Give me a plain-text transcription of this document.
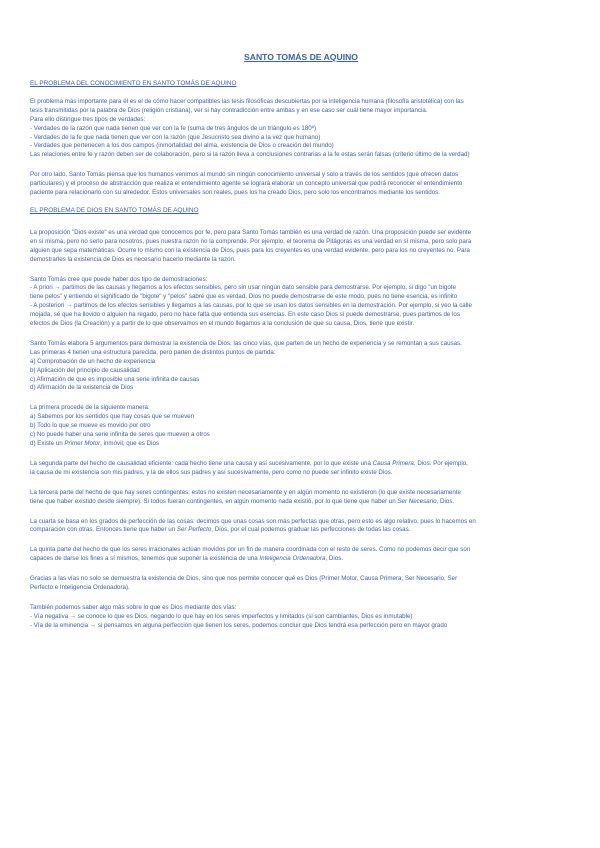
SANTO TOMÁS DE AQUINO
EL PROBLEMA DEL CONOCIMIENTO EN SANTO TOMÁS DE AQUINO

El problema más importante para él es el de cómo hacer compatibles las tesis filosóficas descubiertas por la inteligencia humana (filosofía aristotélica) con las
tesis transmitidas por la palabra de Dios (religión cristiana), ver si hay contradicción entre ambas y en ese caso ser cuál tiene mayor importancia.
Para ello distingue tres tipos de verdades:
- Verdades de la razón que nada tienen que ver con la fe (suma de tres ángulos de un triángulo es 180º)
- Verdades de la fe que nada tienen que ver con la razón (que Jesucristo sea divino a la vez que humano)
- Verdades que pertenecen a los dos campos (inmortalidad del alma, existencia de Dios o creación del mundo)
Las relaciones entre fe y razón deben ser de colaboración, pero si la razón lleva a conclusiones contrarias a la fe estas serán falsas (criterio último de la verdad)

Por otro lado, Santo Tomás piensa que los humanos venimos al mundo sin ningún conocimiento universal y solo a través de los sentidos (que ofrecen datos
particulares) y el proceso de abstracción que realiza el entendimiento agente se logrará elaborar un concepto universal que podrá reconocer el entendimiento
paciente para relacionarlo con su alrededor. Estos universales son reales, pues los ha creado Dios, pero solo los encontramos mediante los sentidos.

EL PROBLEMA DE DIOS EN SANTO TOMÁS DE AQUINO

La proposición "Dios existe" es una verdad que conocemos por fe, pero para Santo Tomás también es una verdad de razón. Una proposición puede ser evidente
en sí misma, pero no serlo para nosotros, pues nuestra razón no la comprende. Por ejemplo, el teorema de Pitágoras es una verdad en sí misma, pero solo para
alguien que sepa matemáticas. Ocurre lo mismo con la existencia de Dios, pues para los creyentes es una verdad evidente, pero para los no creyentes no. Para
demostrarles la existencia de Dios es necesario hacerlo mediante la razón.

Santo Tomás cree que puede haber dos tipo de demostraciones:
- A priori → partimos de las causas y llegamos a los efectos sensibles, pero sin usar ningún dato sensible para demostrarse. Por ejemplo, si digo "un bigote
tiene pelos" y entiendo el significado de "bigote" y "pelos" sabré que es verdad. Dios no puede demostrarse de este modo, pues no tiene esencia, es infinito
- A posteriori → partimos de los efectos sensibles y llegamos a las causas, por lo que se usan los datos sensibles en la demostración. Por ejemplo, si veo la calle
mojada, sé que ha llovido o alguien ha regado, pero no hace falta que entienda sus esencias. En este caso Dios sí puede demostrarse, pues partimos de los
efectos de Dios (la Creación) y a partir de lo que observamos en el mundo llegamos a la conclusión de que su causa, Dios, tiene que existir.

Santo Tomás elabora 5 argumentos para demostrar la existencia de Dios, las cinco vías, que parten de un hecho de experiencia y se remontan a sus causas.
Las primeras 4 tienen una estructura parecida, pero parten de distintos puntos de partida:
a) Comprobación de un hecho de experiencia
b) Aplicación del principio de causalidad
c) Afirmación de que es imposible una serie infinita de causas
d) Afirmación de la existencia de Dios

La primera procede de la siguiente manera:
a) Sabemos por los sentidos que hay cosas que se mueven
b) Todo lo que se mueve es movido por otro
c) No puede haber una serie infinita de seres que mueven a otros
d) Existe un Primer Motor, inmóvil, que es Dios

La segunda parte del hecho de causalidad eficiente: cada hecho tiene una causa y así sucesivamente, por lo que existe una Causa Primera, Dios. Por ejemplo,
la causa de mi existencia son mis padres, y la de ellos sus padres y así sucesivamente, pero como no puede ser infinito existe Dios.

La tercera parte del hecho de que hay seres contingentes: estos no existen necesariamente y en algún momento no existieron (lo que existe necesariamente
tiene que haber existido desde siempre). Si todos fueran contingentes, en algún momento nada existió, por lo que tiene que haber un Ser Necesario, Dios.

La cuarta se basa en los grados de perfección de las cosas: decimos que unas cosas son más perfectas que otras, pero esto es algo relativo, pues lo hacemos en
comparación con otras. Entonces tiene que haber un Ser Perfecto, Dios, por el cual podemos graduar las perfecciones de todas las cosas.

La quinta parte del hecho de que los seres irracionales actúan movidos por un fin de manera coordinada con el resto de seres. Como no podemos decir que son
capaces de darse los fines a sí mismos, tenemos que suponer la existencia de una Inteligencia Ordenadora, Dios.

Gracias a las vías no solo se demuestra la existencia de Dios, sino que nos permite conocer qué es Dios (Primer Motor, Causa Primera, Ser Necesario, Ser
Perfecto e Inteligencia Ordenadora).

También podemos saber algo más sobre lo que es Dios mediante dos vías:
- Vía negativa → se conoce lo que es Dios, negando lo que hay en los seres imperfectos y limitados (si son cambiantes, Dios es inmutable)
- Vía de la eminencia → si pensamos en alguna perfección que tienen los seres, podemos concluir que Dios tendrá esa perfección pero en mayor grado
